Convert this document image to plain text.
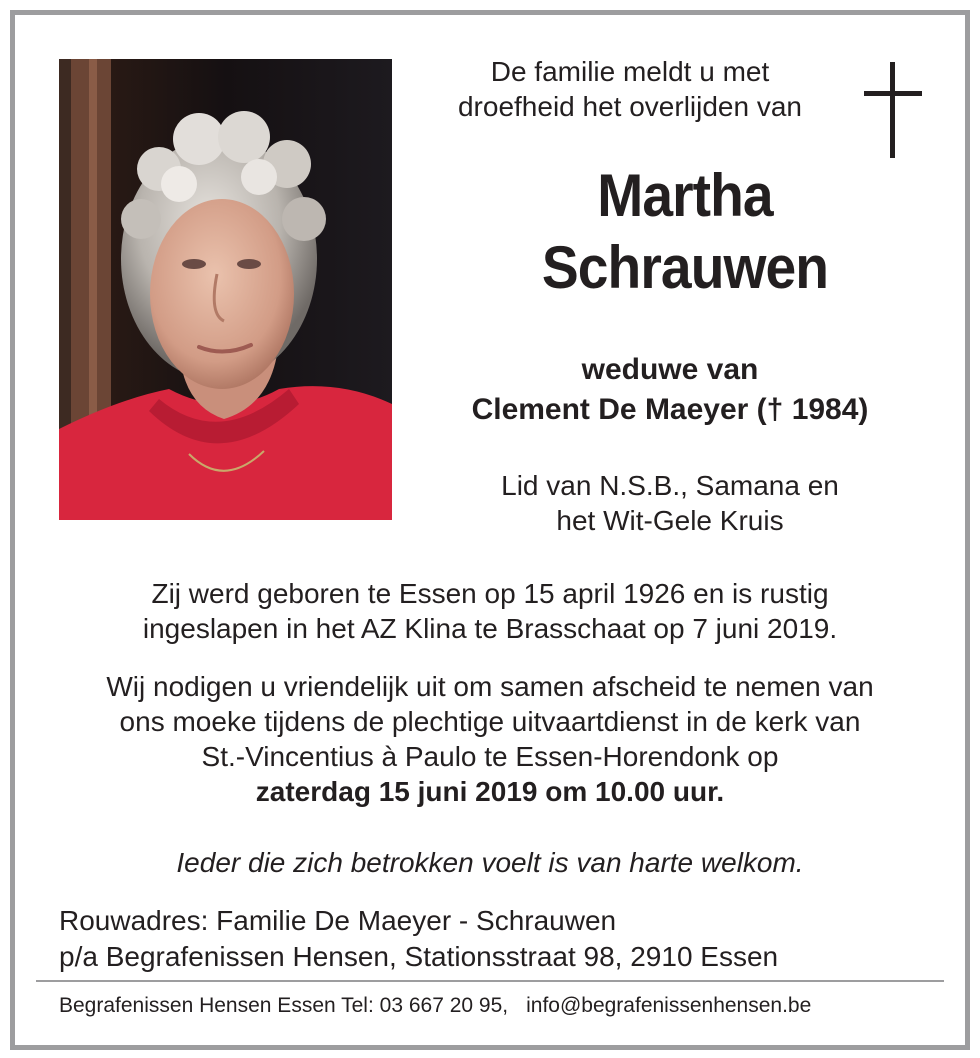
De familie meldt u met
droefheid het overlijden van
Martha
Schrauwen
weduwe van
Clement De Maeyer († 1984)
Lid van N.S.B., Samana en
het Wit-Gele Kruis
Zij werd geboren te Essen op 15 april 1926 en is rustig
ingeslapen in het AZ Klina te Brasschaat op 7 juni 2019.
Wij nodigen u vriendelijk uit om samen afscheid te nemen van
ons moeke tijdens de plechtige uitvaartdienst in de kerk van
St.-Vincentius à Paulo te Essen-Horendonk op
zaterdag 15 juni 2019 om 10.00 uur.
Ieder die zich betrokken voelt is van harte welkom.
Rouwadres: Familie De Maeyer - Schrauwen
p/a Begrafenissen Hensen, Stationsstraat 98, 2910 Essen
Begrafenissen Hensen Essen Tel: 03 667 20 95, info@begrafenissenhensen.be
